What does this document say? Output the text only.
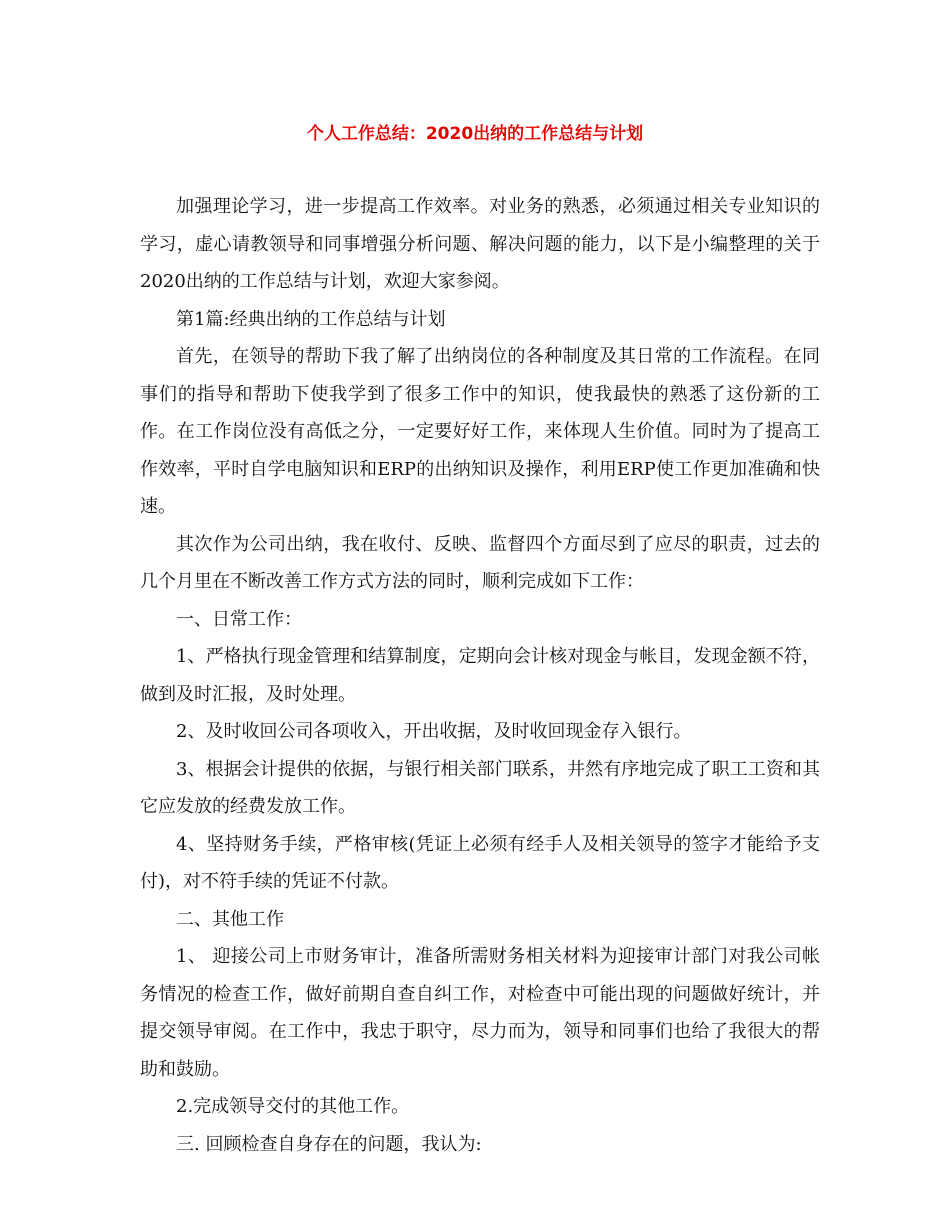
个人工作总结：2020出纳的工作总结与计划

加强理论学习，进一步提高工作效率。对业务的熟悉，必须通过相关专业知识的学习，虚心请教领导和同事增强分析问题、解决问题的能力，以下是小编整理的关于2020出纳的工作总结与计划，欢迎大家参阅。

第1篇:经典出纳的工作总结与计划

首先，在领导的帮助下我了解了出纳岗位的各种制度及其日常的工作流程。在同事们的指导和帮助下使我学到了很多工作中的知识，使我最快的熟悉了这份新的工作。在工作岗位没有高低之分，一定要好好工作，来体现人生价值。同时为了提高工作效率，平时自学电脑知识和ERP的出纳知识及操作，利用ERP使工作更加准确和快速。

其次作为公司出纳，我在收付、反映、监督四个方面尽到了应尽的职责，过去的几个月里在不断改善工作方式方法的同时，顺利完成如下工作：

一、日常工作：

1、严格执行现金管理和结算制度，定期向会计核对现金与帐目，发现金额不符，做到及时汇报，及时处理。

2、及时收回公司各项收入，开出收据，及时收回现金存入银行。

3、根据会计提供的依据，与银行相关部门联系，井然有序地完成了职工工资和其它应发放的经费发放工作。

4、坚持财务手续，严格审核(凭证上必须有经手人及相关领导的签字才能给予支付)，对不符手续的凭证不付款。

二、其他工作

1、 迎接公司上市财务审计，准备所需财务相关材料为迎接审计部门对我公司帐务情况的检查工作，做好前期自查自纠工作，对检查中可能出现的问题做好统计，并提交领导审阅。在工作中，我忠于职守，尽力而为，领导和同事们也给了我很大的帮助和鼓励。

2.完成领导交付的其他工作。

三. 回顾检查自身存在的问题，我认为:
